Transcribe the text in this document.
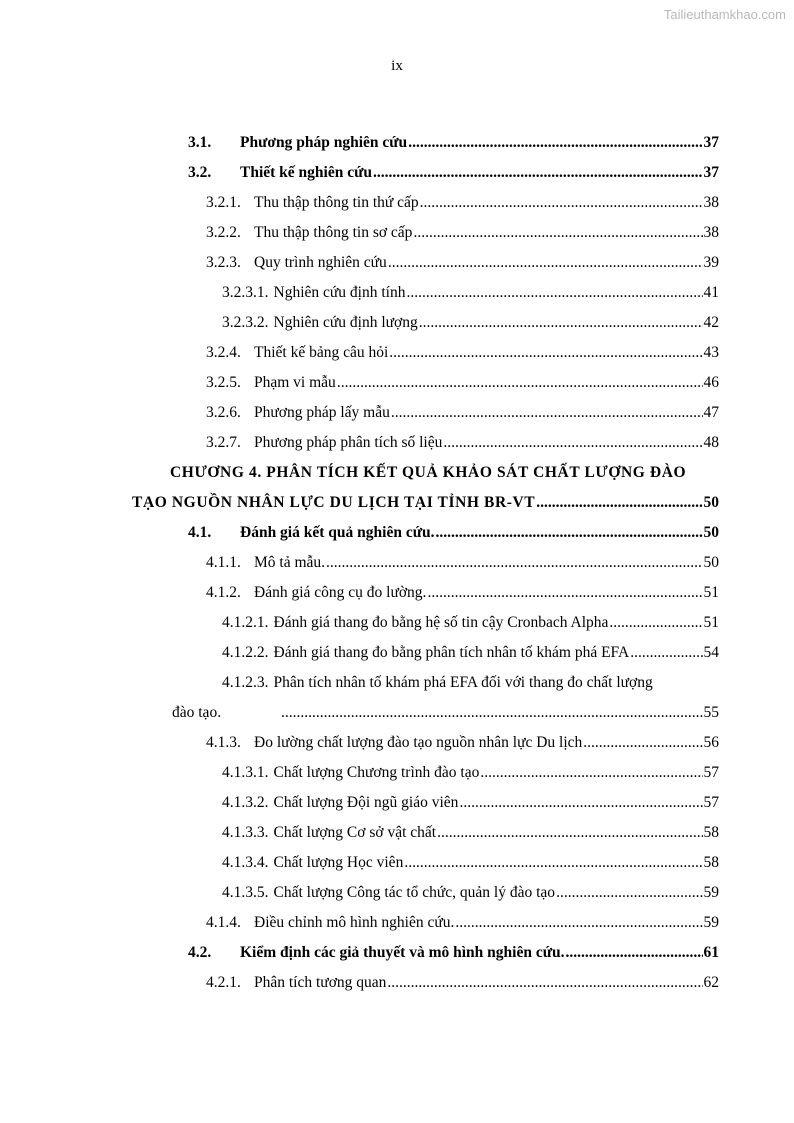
Tailieuthamkhao.com
ix
3.1.	Phương pháp nghiên cứu .....	37
3.2.	Thiết kế nghiên cứu .....	37
3.2.1. Thu thập thông tin thứ cấp .....	38
3.2.2. Thu thập thông tin sơ cấp .....	38
3.2.3. Quy trình nghiên cứu .....	39
3.2.3.1. Nghiên cứu định tính .....	41
3.2.3.2. Nghiên cứu định lượng .....	42
3.2.4. Thiết kế bảng câu hỏi .....	43
3.2.5. Phạm vi mẫu .....	46
3.2.6. Phương pháp lấy mẫu .....	47
3.2.7. Phương pháp phân tích số liệu .....	48
CHƯƠNG 4. PHÂN TÍCH KẾT QUẢ KHẢO SÁT CHẤT LƯỢNG ĐÀO
TẠO NGUỒN NHÂN LỰC DU LỊCH TẠI TỈNH BR-VT .....	50
4.1.	Đánh giá kết quả nghiên cứu. .....	50
4.1.1. Mô tả mẫu. .....	50
4.1.2. Đánh giá công cụ đo lường. .....	51
4.1.2.1. Đánh giá thang đo bằng hệ số tin cậy Cronbach Alpha .....	51
4.1.2.2. Đánh giá thang đo bằng phân tích nhân tố khám phá EFA .....	54
4.1.2.3. Phân tích nhân tố khám phá EFA đối với thang đo chất lượng
đào tạo. .....	55
4.1.3. Đo lường chất lượng đào tạo nguồn nhân lực Du lịch .....	56
4.1.3.1. Chất lượng Chương trình đào tạo .....	57
4.1.3.2. Chất lượng Đội ngũ giáo viên .....	57
4.1.3.3. Chất lượng Cơ sở vật chất .....	58
4.1.3.4. Chất lượng Học viên .....	58
4.1.3.5. Chất lượng Công tác tổ chức, quản lý đào tạo .....	59
4.1.4. Điều chỉnh mô hình nghiên cứu. .....	59
4.2.	Kiểm định các giả thuyết và mô hình nghiên cứu. .....	61
4.2.1. Phân tích tương quan .....	62
